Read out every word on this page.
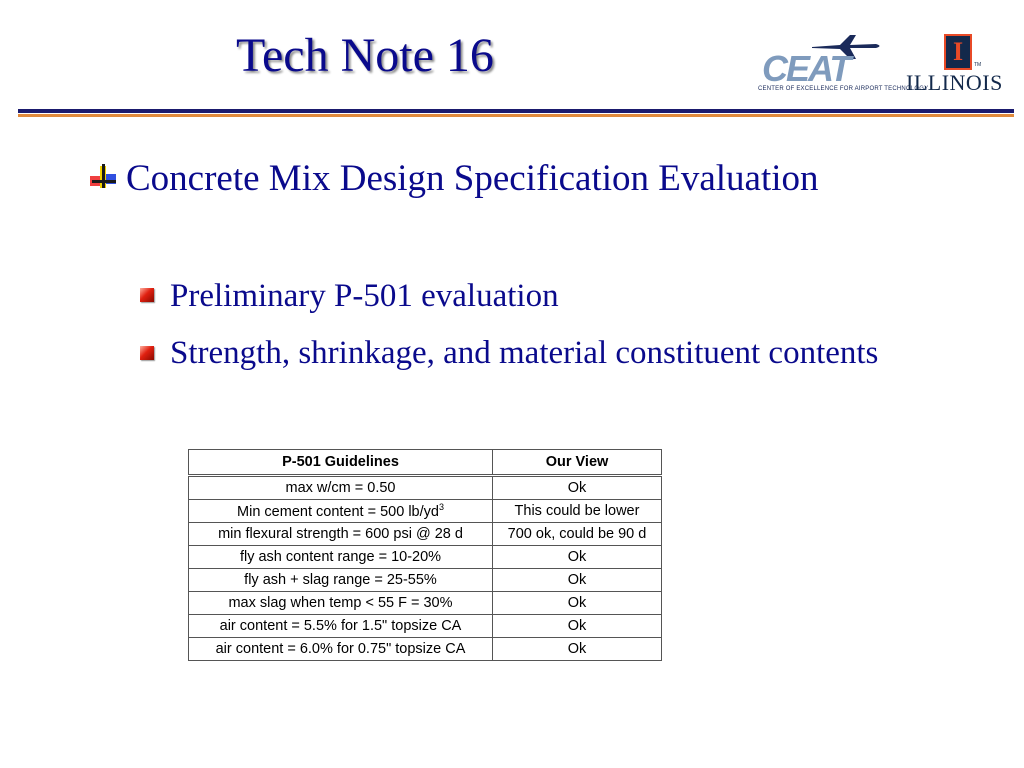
Tech Note 16	CEAT
CENTER OF EXCELLENCE FOR AIRPORT TECHNOLOGY
I	TM
ILLINOIS
Concrete Mix Design Specification Evaluation
Preliminary P-501 evaluation
Strength, shrinkage, and material constituent contents
P-501 Guidelines	Our View
max w/cm = 0.50	Ok
Min cement content = 500 $lb/yd^3$	This could be lower
min flexural strength = 600 psi @ 28 d	700 ok, could be 90 d
fly ash content range = 10-20%	Ok
fly ash + slag range = 25-55%	Ok
max slag when temp < 55 F = 30%	Ok
air content = 5.5% for 1.5" topsize CA	Ok
air content = 6.0% for 0.75" topsize CA	Ok
